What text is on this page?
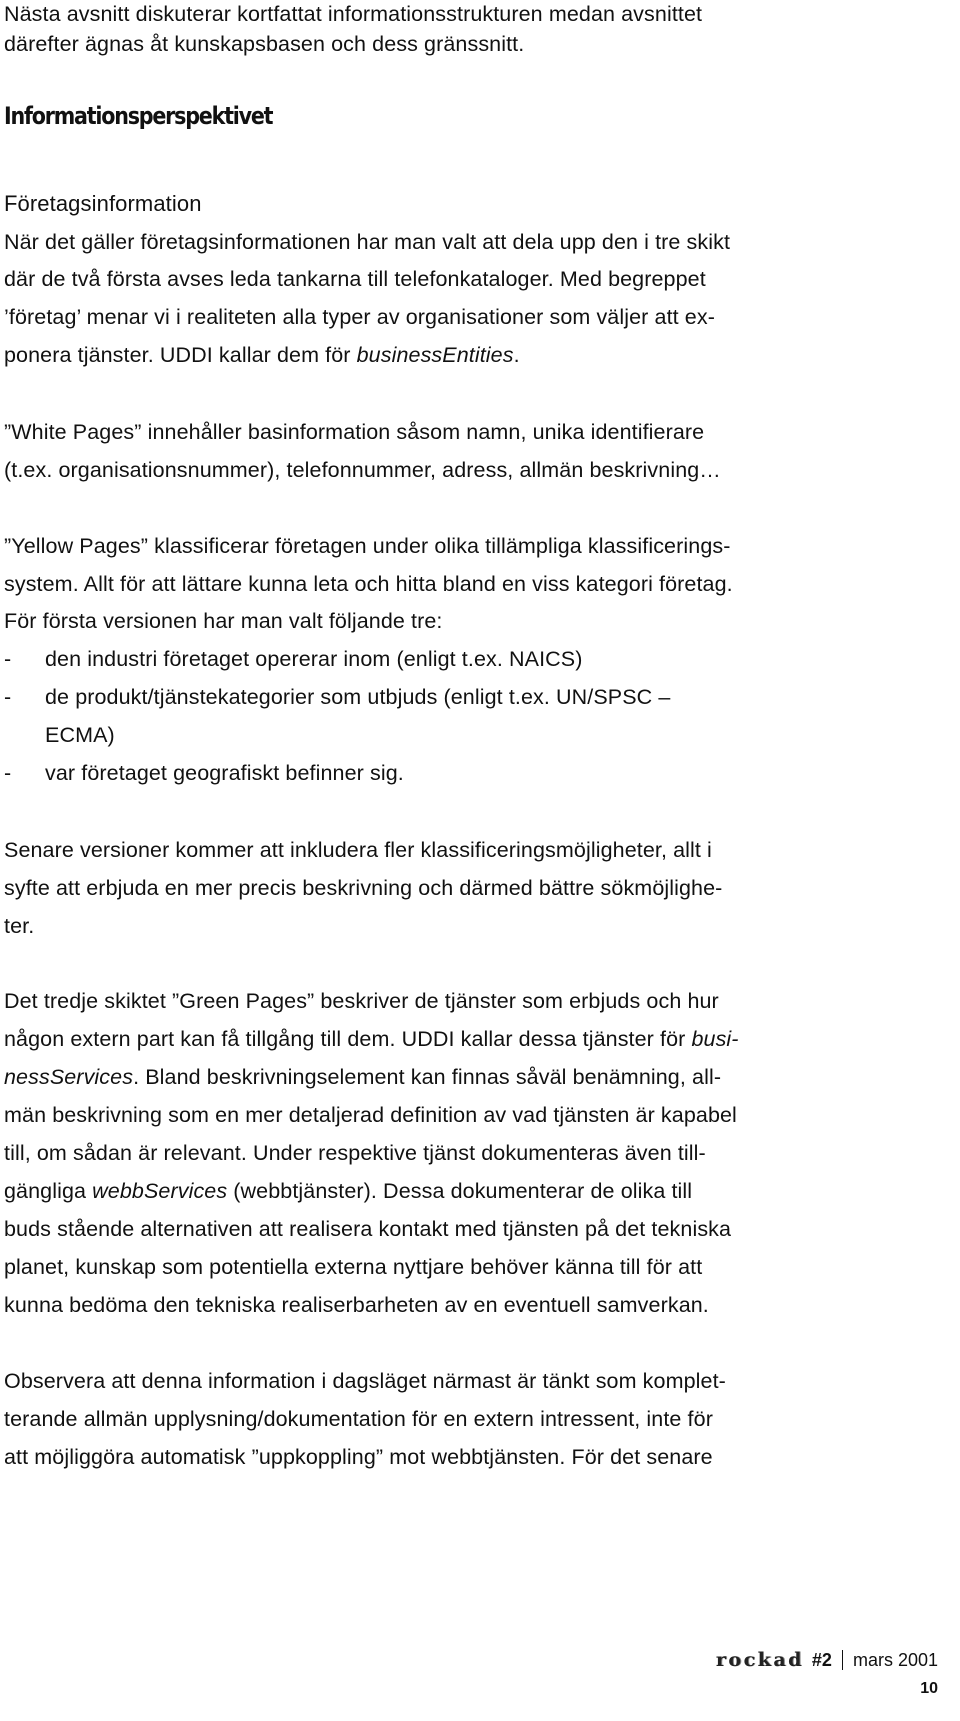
Nästa avsnitt diskuterar kortfattat informationsstrukturen medan avsnittet
därefter ägnas åt kunskapsbasen och dess gränssnitt.
Informationsperspektivet
Företagsinformation
När det gäller företagsinformationen har man valt att dela upp den i tre skikt
där de två första avses leda tankarna till telefonkataloger. Med begreppet
’företag’ menar vi i realiteten alla typer av organisationer som väljer att ex-
ponera tjänster. UDDI kallar dem för businessEntities.
”White Pages” innehåller basinformation såsom namn, unika identifierare
(t.ex. organisationsnummer), telefonnummer, adress, allmän beskrivning…
”Yellow Pages” klassificerar företagen under olika tillämpliga klassificerings-
system. Allt för att lättare kunna leta och hitta bland en viss kategori företag.
För första versionen har man valt följande tre:
- den industri företaget opererar inom (enligt t.ex. NAICS)
- de produkt/tjänstekategorier som utbjuds (enligt t.ex. UN/SPSC –
ECMA)
- var företaget geografiskt befinner sig.
Senare versioner kommer att inkludera fler klassificeringsmöjligheter, allt i
syfte att erbjuda en mer precis beskrivning och därmed bättre sökmöjlighe-
ter.
Det tredje skiktet ”Green Pages” beskriver de tjänster som erbjuds och hur
någon extern part kan få tillgång till dem. UDDI kallar dessa tjänster för busi-
nessServices. Bland beskrivningselement kan finnas såväl benämning, all-
män beskrivning som en mer detaljerad definition av vad tjänsten är kapabel
till, om sådan är relevant. Under respektive tjänst dokumenteras även till-
gängliga webbServices (webbtjänster). Dessa dokumenterar de olika till
buds stående alternativen att realisera kontakt med tjänsten på det tekniska
planet, kunskap som potentiella externa nyttjare behöver känna till för att
kunna bedöma den tekniska realiserbarheten av en eventuell samverkan.
Observera att denna information i dagsläget närmast är tänkt som komplet-
terande allmän upplysning/dokumentation för en extern intressent, inte för
att möjliggöra automatisk ”uppkoppling” mot webbtjänsten. För det senare
rockad #2 mars 2001
10
